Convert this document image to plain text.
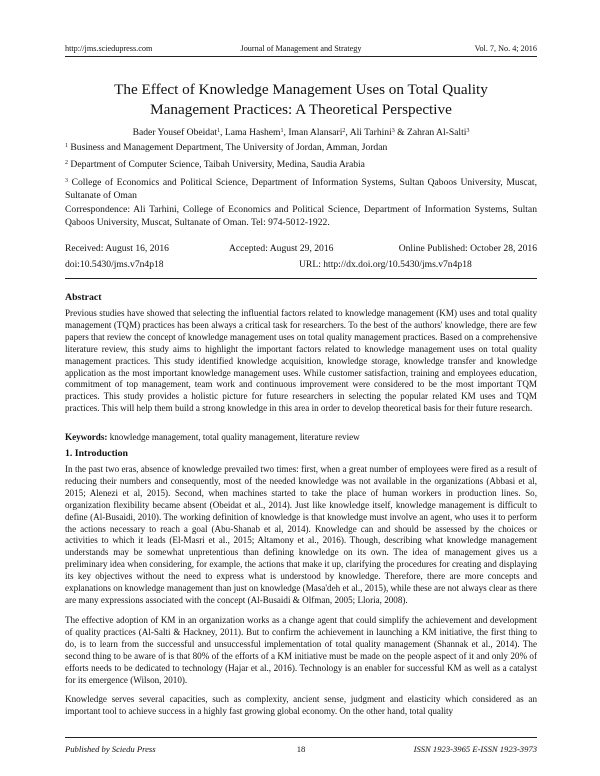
http://jms.sciedupress.com	Journal of Management and Strategy	Vol. 7, No. 4; 2016
The Effect of Knowledge Management Uses on Total Quality
Management Practices: A Theoretical Perspective
Bader Yousef Obeidat$^1$, Lama Hashem$^1$, Iman Alansari$^2$, Ali Tarhini$^3$ & Zahran Al-Salti$^3$
$^1$ Business and Management Department, The University of Jordan, Amman, Jordan
$^2$ Department of Computer Science, Taibah University, Medina, Saudia Arabia
$^3$ College of Economics and Political Science, Department of Information Systems, Sultan Qaboos University, Muscat, Sultanate of Oman
Correspondence: Ali Tarhini, College of Economics and Political Science, Department of Information Systems, Sultan Qaboos University, Muscat, Sultanate of Oman. Tel: 974-5012-1922.
Received: August 16, 2016	Accepted: August 29, 2016	Online Published: October 28, 2016
doi:10.5430/jms.v7n4p18	URL: http://dx.doi.org/10.5430/jms.v7n4p18
Abstract
Previous studies have showed that selecting the influential factors related to knowledge management (KM) uses and total quality management (TQM) practices has been always a critical task for researchers. To the best of the authors' knowledge, there are few papers that review the concept of knowledge management uses on total quality management practices. Based on a comprehensive literature review, this study aims to highlight the important factors related to knowledge management uses on total quality management practices. This study identified knowledge acquisition, knowledge storage, knowledge transfer and knowledge application as the most important knowledge management uses. While customer satisfaction, training and employees education, commitment of top management, team work and continuous improvement were considered to be the most important TQM practices. This study provides a holistic picture for future researchers in selecting the popular related KM uses and TQM practices. This will help them build a strong knowledge in this area in order to develop theoretical basis for their future research.
Keywords: knowledge management, total quality management, literature review
1. Introduction
In the past two eras, absence of knowledge prevailed two times: first, when a great number of employees were fired as a result of reducing their numbers and consequently, most of the needed knowledge was not available in the organizations (Abbasi et al, 2015; Alenezi et al, 2015). Second, when machines started to take the place of human workers in production lines. So, organization flexibility became absent (Obeidat et al., 2014). Just like knowledge itself, knowledge management is difficult to define (Al-Busaidi, 2010). The working definition of knowledge is that knowledge must involve an agent, who uses it to perform the actions necessary to reach a goal (Abu-Shanab et al, 2014). Knowledge can and should be assessed by the choices or activities to which it leads (El-Masri et al., 2015; Altamony et al., 2016). Though, describing what knowledge management understands may be somewhat unpretentious than defining knowledge on its own. The idea of management gives us a preliminary idea when considering, for example, the actions that make it up, clarifying the procedures for creating and displaying its key objectives without the need to express what is understood by knowledge. Therefore, there are more concepts and explanations on knowledge management than just on knowledge (Masa'deh et al., 2015), while these are not always clear as there are many expressions associated with the concept (Al-Busaidi & Olfman, 2005; Lloria, 2008).
The effective adoption of KM in an organization works as a change agent that could simplify the achievement and development of quality practices (Al-Salti & Hackney, 2011). But to confirm the achievement in launching a KM initiative, the first thing to do, is to learn from the successful and unsuccessful implementation of total quality management (Shannak et al., 2014). The second thing to be aware of is that 80% of the efforts of a KM initiative must be made on the people aspect of it and only 20% of efforts needs to be dedicated to technology (Hajar et al., 2016). Technology is an enabler for successful KM as well as a catalyst for its emergence (Wilson, 2010).
Knowledge serves several capacities, such as complexity, ancient sense, judgment and elasticity which considered as an important tool to achieve success in a highly fast growing global economy. On the other hand, total quality
Published by Sciedu Press	18	ISSN 1923-3965 E-ISSN 1923-3973
